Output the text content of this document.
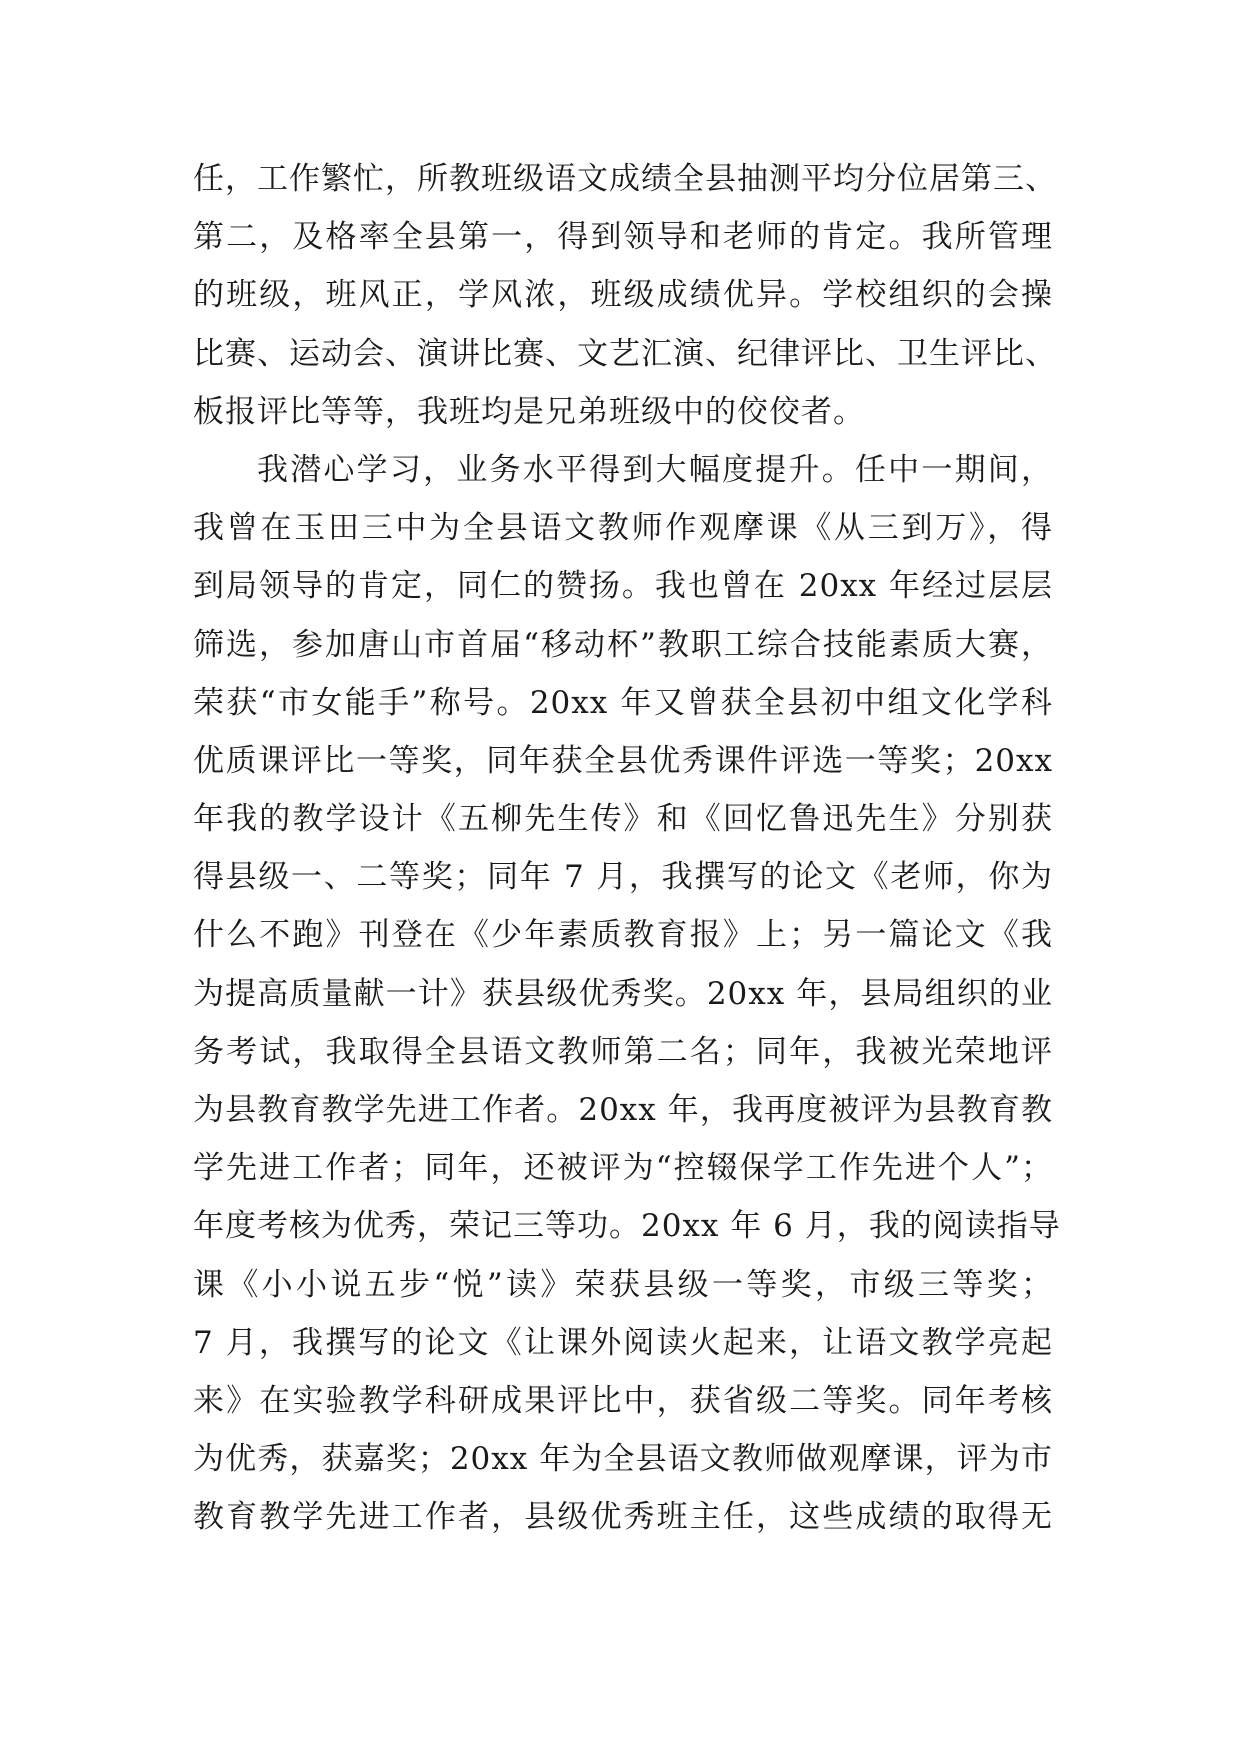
任，工作繁忙，所教班级语文成绩全县抽测平均分位居第三、
第二，及格率全县第一，得到领导和老师的肯定。我所管理
的班级，班风正，学风浓，班级成绩优异。学校组织的会操
比赛、运动会、演讲比赛、文艺汇演、纪律评比、卫生评比、
板报评比等等，我班均是兄弟班级中的佼佼者。
我潜心学习，业务水平得到大幅度提升。任中一期间，
我曾在玉田三中为全县语文教师作观摩课《从三到万》，得
到局领导的肯定，同仁的赞扬。我也曾在 20xx 年经过层层
筛选，参加唐山市首届“移动杯”教职工综合技能素质大赛，
荣获“市女能手”称号。20xx 年又曾获全县初中组文化学科
优质课评比一等奖，同年获全县优秀课件评选一等奖；20xx
年我的教学设计《五柳先生传》和《回忆鲁迅先生》分别获
得县级一、二等奖；同年 7 月，我撰写的论文《老师，你为
什么不跑》刊登在《少年素质教育报》上；另一篇论文《我
为提高质量献一计》获县级优秀奖。20xx 年，县局组织的业
务考试，我取得全县语文教师第二名；同年，我被光荣地评
为县教育教学先进工作者。20xx 年，我再度被评为县教育教
学先进工作者；同年，还被评为“控辍保学工作先进个人”；
年度考核为优秀，荣记三等功。20xx 年 6 月，我的阅读指导
课《小小说五步“悦”读》荣获县级一等奖，市级三等奖；
7 月，我撰写的论文《让课外阅读火起来，让语文教学亮起
来》在实验教学科研成果评比中，获省级二等奖。同年考核
为优秀，获嘉奖；20xx 年为全县语文教师做观摩课，评为市
教育教学先进工作者，县级优秀班主任，这些成绩的取得无
